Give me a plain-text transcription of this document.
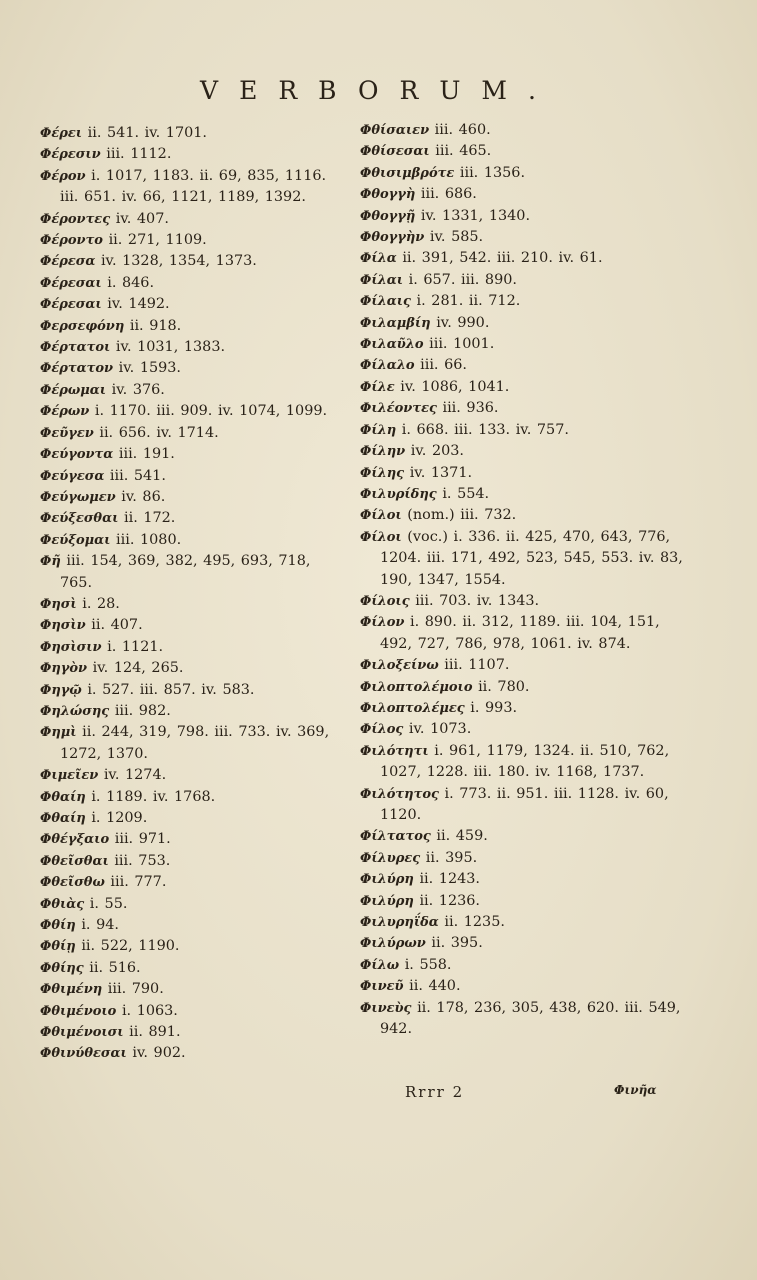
VERBORUM.
Φέρει ii. 541. iv. 1701.
Φέρεσιν iii. 1112.
Φέρον i. 1017, 1183. ii. 69, 835, 1116. iii. 651. iv. 66, 1121, 1189, 1392.
Φέροντες iv. 407.
Φέροντο ii. 271, 1109.
Φέρεσα iv. 1328, 1354, 1373.
Φέρεσαι i. 846.
Φέρεσαι iv. 1492.
Φερσεφόνη ii. 918.
Φέρτατοι iv. 1031, 1383.
Φέρτατον iv. 1593.
Φέρωμαι iv. 376.
Φέρων i. 1170. iii. 909. iv. 1074, 1099.
Φεῦγεν ii. 656. iv. 1714.
Φεύγοντα iii. 191.
Φεύγεσα iii. 541.
Φεύγωμεν iv. 86.
Φεύξεσθαι ii. 172.
Φεύξομαι iii. 1080.
Φῆ iii. 154, 369, 382, 495, 693, 718, 765.
Φησὶ i. 28.
Φησὶν ii. 407.
Φησὶσιν i. 1121.
Φηγὸν iv. 124, 265.
Φηγῷ i. 527. iii. 857. iv. 583.
Φηλώσης iii. 982.
Φημὶ ii. 244, 319, 798. iii. 733. iv. 369, 1272, 1370.
Φιμεῖεν iv. 1274.
Φθαίη i. 1189. iv. 1768.
Φθαίη i. 1209.
Φθέγξαιο iii. 971.
Φθεῖσθαι iii. 753.
Φθεῖσθω iii. 777.
Φθιὰς i. 55.
Φθίη i. 94.
Φθίῃ ii. 522, 1190.
Φθίης ii. 516.
Φθιμένη iii. 790.
Φθιμένοιο i. 1063.
Φθιμένοισι ii. 891.
Φθινύθεσαι iv. 902.
Φθίσαιεν iii. 460.
Φθίσεσαι iii. 465.
Φθισιμβρότε iii. 1356.
Φθογγὴ iii. 686.
Φθογγῇ iv. 1331, 1340.
Φθογγὴν iv. 585.
Φίλα ii. 391, 542. iii. 210. iv. 61.
Φίλαι i. 657. iii. 890.
Φίλαις i. 281. ii. 712.
Φιλαμβίη iv. 990.
Φιλαῦλο iii. 1001.
Φίλαλο iii. 66.
Φίλε iv. 1086, 1041.
Φιλέοντες iii. 936.
Φίλη i. 668. iii. 133. iv. 757.
Φίλην iv. 203.
Φίλης iv. 1371.
Φιλυρίδης i. 554.
Φίλοι (nom.) iii. 732.
Φίλοι (voc.) i. 336. ii. 425, 470, 643, 776, 1204. iii. 171, 492, 523, 545, 553. iv. 83, 190, 1347, 1554.
Φίλοις iii. 703. iv. 1343.
Φίλον i. 890. ii. 312, 1189. iii. 104, 151, 492, 727, 786, 978, 1061. iv. 874.
Φιλοξείνω iii. 1107.
Φιλοπτολέμοιο ii. 780.
Φιλοπτολέμες i. 993.
Φίλος iv. 1073.
Φιλότητι i. 961, 1179, 1324. ii. 510, 762, 1027, 1228. iii. 180. iv. 1168, 1737.
Φιλότητος i. 773. ii. 951. iii. 1128. iv. 60, 1120.
Φίλτατος ii. 459.
Φίλυρες ii. 395.
Φιλύρη ii. 1243.
Φιλύρη ii. 1236.
Φιλυρηΐδα ii. 1235.
Φιλύρων ii. 395.
Φίλω i. 558.
Φινεῦ ii. 440.
Φινεὺς ii. 178, 236, 305, 438, 620. iii. 549, 942.
Rrrr 2	Φινῆα
